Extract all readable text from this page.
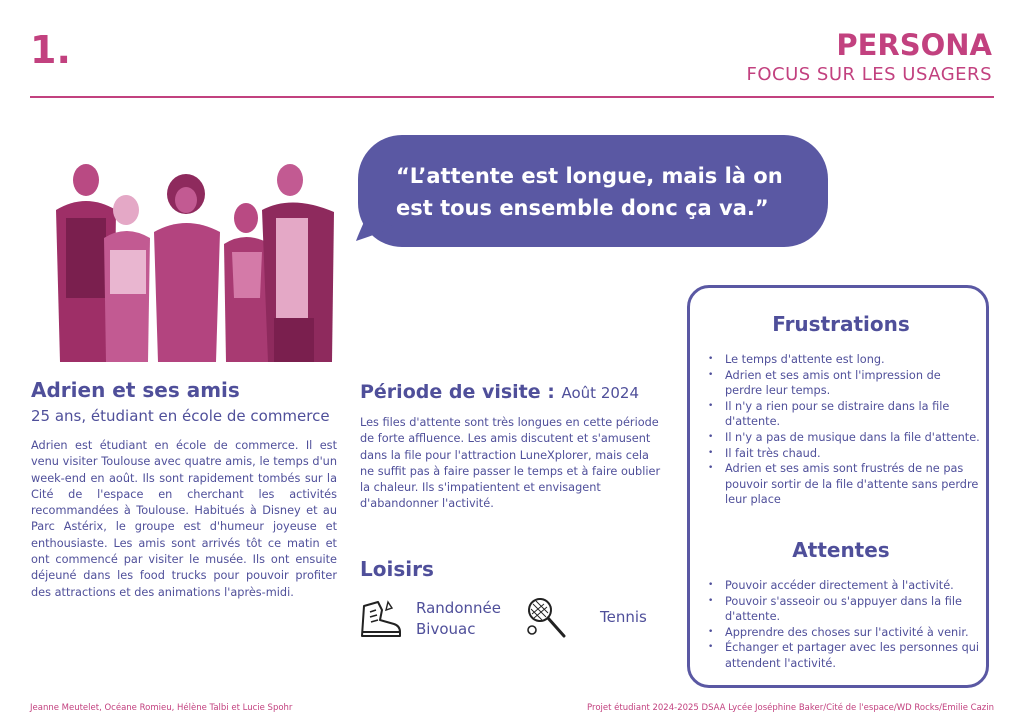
1.	PERSONA
FOCUS SUR LES USAGERS
“L’attente est longue, mais là on est tous ensemble donc ça va.”
Adrien et ses amis
25 ans, étudiant en école de commerce
Adrien est étudiant en école de commerce. Il est venu visiter Toulouse avec quatre amis, le temps d'un week-end en août. Ils sont rapidement tombés sur la Cité de l'espace en cherchant les activités recommandées à Toulouse. Habitués à Disney et au Parc Astérix, le groupe est d'humeur joyeuse et enthousiaste. Les amis sont arrivés tôt ce matin et ont commencé par visiter le musée. Ils ont ensuite déjeuné dans les food trucks pour pouvoir profiter des attractions et des animations l'après-midi.
Période de visite : Août 2024
Les files d'attente sont très longues en cette période de forte affluence. Les amis discutent et s'amusent dans la file pour l'attraction LuneXplorer, mais cela ne suffit pas à faire passer le temps et à faire oublier la chaleur. Ils s'impatientent et envisagent d'abandonner l'activité.
Loisirs
Randonnée
Bivouac
Tennis
Frustrations
• Le temps d'attente est long.
• Adrien et ses amis ont l'impression de perdre leur temps.
• Il n'y a rien pour se distraire dans la file d'attente.
• Il n'y a pas de musique dans la file d'attente.
• Il fait très chaud.
• Adrien et ses amis sont frustrés de ne pas pouvoir sortir de la file d'attente sans perdre leur place
Attentes
• Pouvoir accéder directement à l'activité.
• Pouvoir s'asseoir ou s'appuyer dans la file d'attente.
• Apprendre des choses sur l'activité à venir.
• Échanger et partager avec les personnes qui attendent l'activité.
Jeanne Meutelet, Océane Romieu, Hélène Talbi et Lucie Spohr	Projet étudiant 2024-2025 DSAA Lycée Joséphine Baker/Cité de l'espace/WD Rocks/Emilie Cazin
